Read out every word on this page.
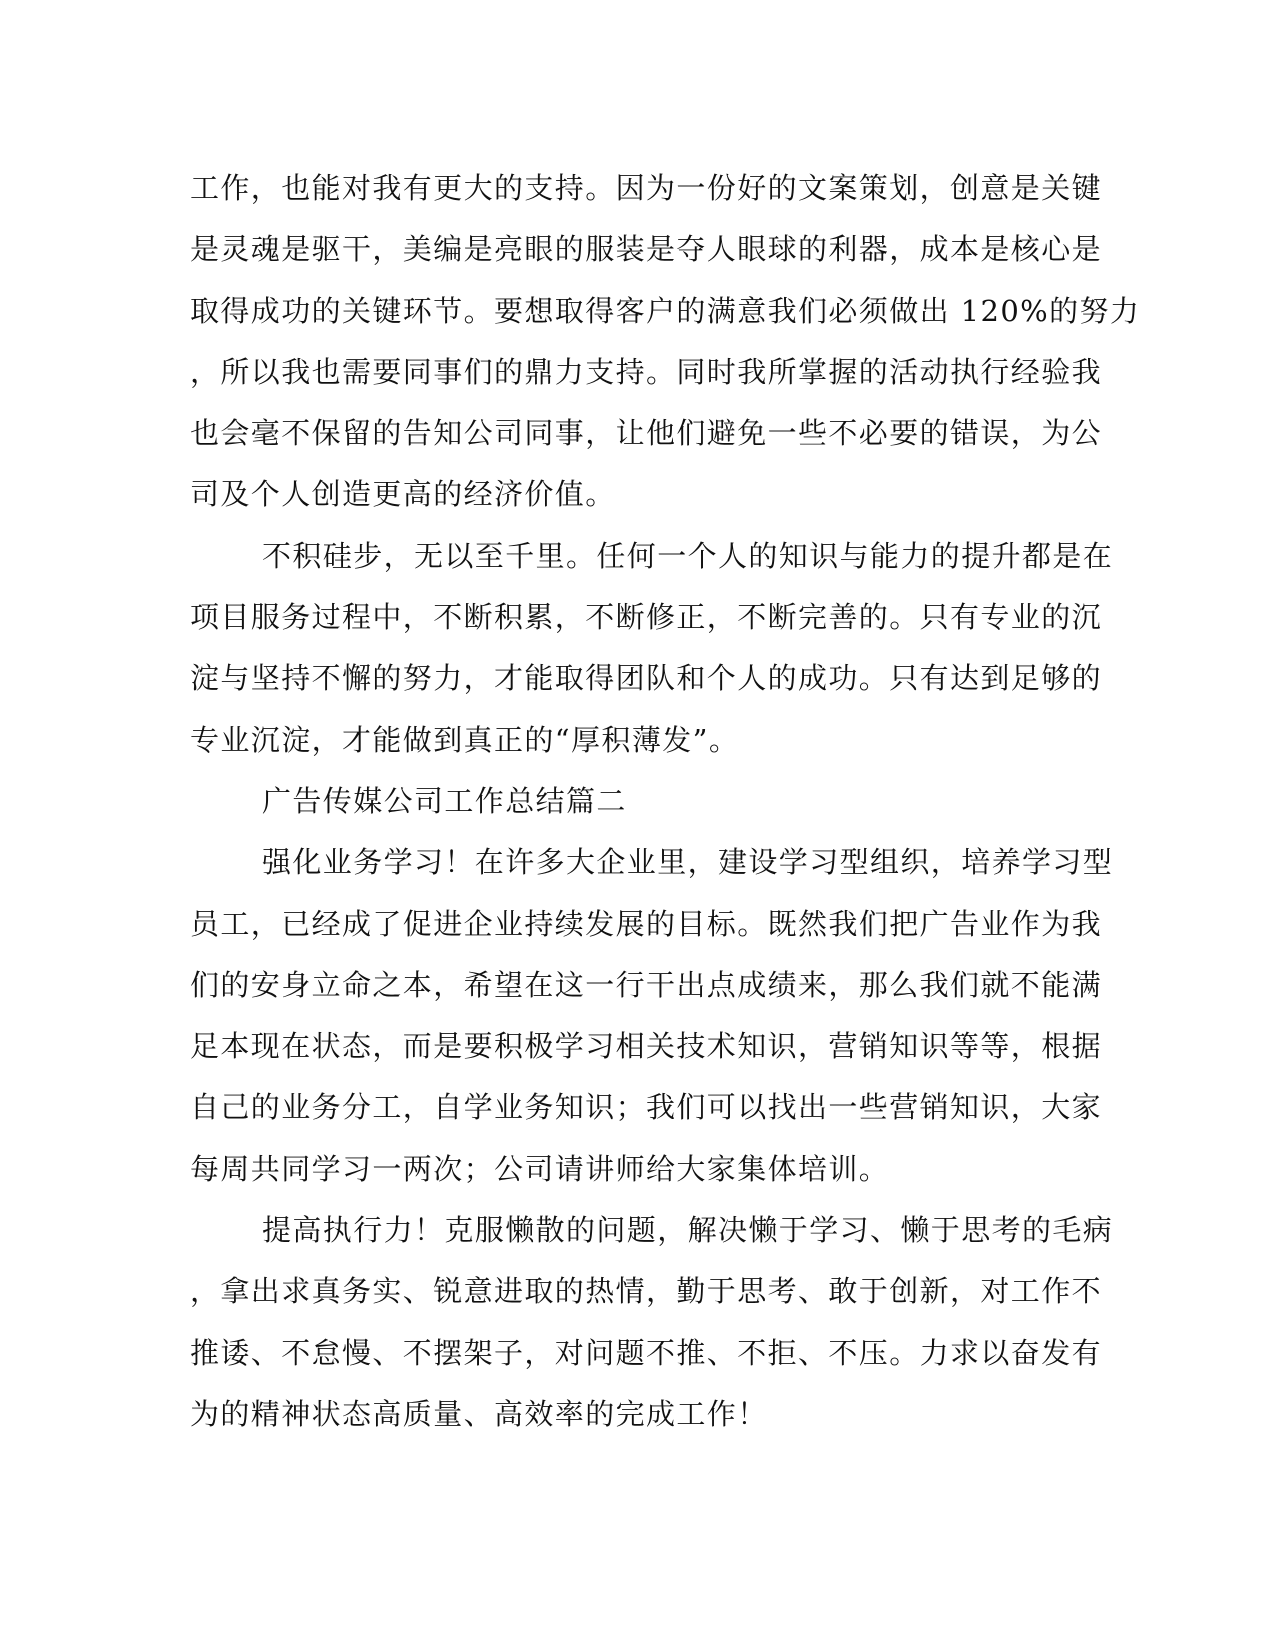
工作，也能对我有更大的支持。因为一份好的文案策划，创意是关键
是灵魂是驱干，美编是亮眼的服装是夺人眼球的利器，成本是核心是
取得成功的关键环节。要想取得客户的满意我们必须做出 120%的努力
，所以我也需要同事们的鼎力支持。同时我所掌握的活动执行经验我
也会毫不保留的告知公司同事，让他们避免一些不必要的错误，为公
司及个人创造更高的经济价值。
不积硅步，无以至千里。任何一个人的知识与能力的提升都是在
项目服务过程中，不断积累，不断修正，不断完善的。只有专业的沉
淀与坚持不懈的努力，才能取得团队和个人的成功。只有达到足够的
专业沉淀，才能做到真正的“厚积薄发”。
广告传媒公司工作总结篇二
强化业务学习！在许多大企业里，建设学习型组织，培养学习型
员工，已经成了促进企业持续发展的目标。既然我们把广告业作为我
们的安身立命之本，希望在这一行干出点成绩来，那么我们就不能满
足本现在状态，而是要积极学习相关技术知识，营销知识等等，根据
自己的业务分工，自学业务知识；我们可以找出一些营销知识，大家
每周共同学习一两次；公司请讲师给大家集体培训。
提高执行力！克服懒散的问题，解决懒于学习、懒于思考的毛病
，拿出求真务实、锐意进取的热情，勤于思考、敢于创新，对工作不
推诿、不怠慢、不摆架子，对问题不推、不拒、不压。力求以奋发有
为的精神状态高质量、高效率的完成工作！
